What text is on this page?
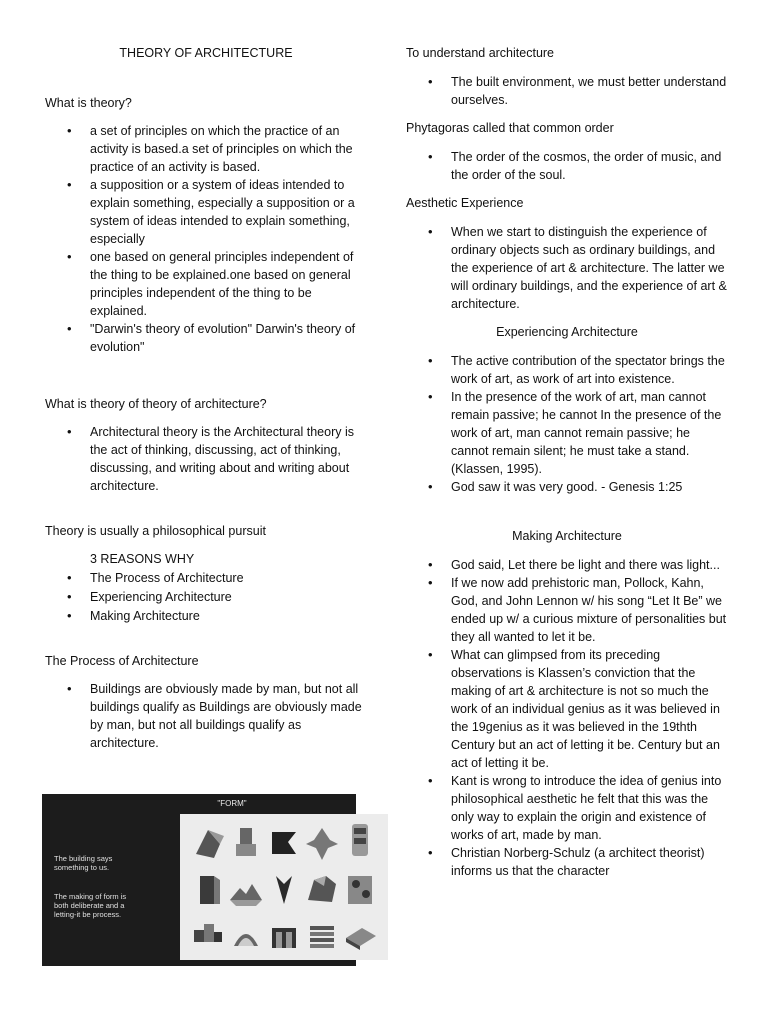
THEORY OF ARCHITECTURE

What is theory?

• a set of principles on which the practice of an activity is based.a set of principles on which the practice of an activity is based.
• a supposition or a system of ideas intended to explain something, especially a supposition or a system of ideas intended to explain something, especially
• one based on general principles independent of the thing to be explained.one based on general principles independent of the thing to be explained.
• "Darwin's theory of evolution" Darwin's theory of evolution"

What is theory of theory of architecture?

• Architectural theory is the Architectural theory is the act of thinking, discussing, act of thinking, discussing, and writing about and writing about architecture.

Theory is usually a philosophical pursuit

3 REASONS WHY

• The Process of Architecture
• Experiencing Architecture
• Making Architecture

The Process of Architecture

• Buildings are obviously made by man, but not all buildings qualify as Buildings are obviously made by man, but not all buildings qualify as architecture.
"FORM"
The building says something to us.
The making of form is both deliberate and a letting-it be process.

To understand architecture

• The built environment, we must better understand ourselves.

Phytagoras called that common order

• The order of the cosmos, the order of music, and the order of the soul.

Aesthetic Experience

• When we start to distinguish the experience of ordinary objects such as ordinary buildings, and the experience of art & architecture. The latter we will ordinary buildings, and the experience of art & architecture.

Experiencing Architecture

• The active contribution of the spectator brings the work of art, as work of art into existence.
• In the presence of the work of art, man cannot remain passive; he cannot In the presence of the work of art, man cannot remain passive; he cannot remain silent; he must take a stand. (Klassen, 1995).
• God saw it was very good. - Genesis 1:25

Making Architecture

• God said, Let there be light and there was light...
• If we now add prehistoric man, Pollock, Kahn, God, and John Lennon w/ his song “Let It Be” we ended up w/ a curious mixture of personalities but they all wanted to let it be.
• What can glimpsed from its preceding observations is Klassen’s conviction that the making of art & architecture is not so much the work of an individual genius as it was believed in the 19genius as it was believed in the 19thth Century but an act of letting it be. Century but an act of letting it be.
• Kant is wrong to introduce the idea of genius into philosophical aesthetic he felt that this was the only way to explain the origin and existence of works of art, made by man.
• Christian Norberg-Schulz (a architect theorist) informs us that the character
